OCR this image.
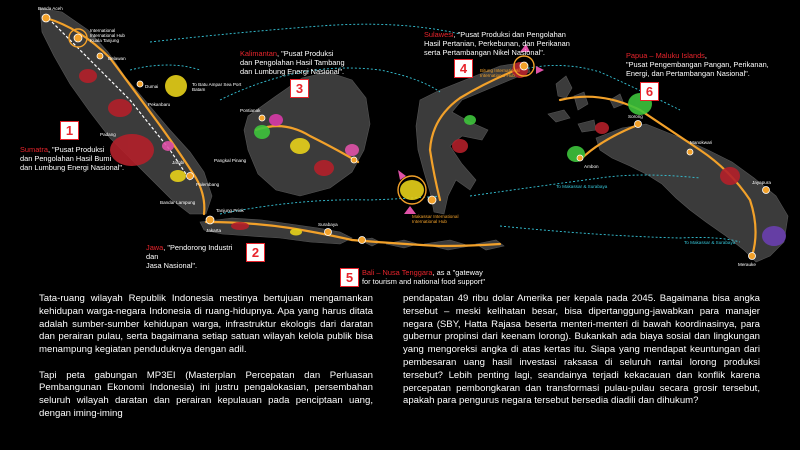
Banda Aceh
International
International Hub
Kuala Tanjung
Belawan
Dumai	To Batu Ampar Sea Port
Batam
Pekanbaru
Padang
Jambi	Pangkal Pinang
Palembang
Bandar Lampung
Tanjung Priok
Jakarta
Surabaya
Pontianak
Bitung International
International Hub
Makassar International
International Hub
Sorong
Manokwari
Jayapura
Merauke
Ambon
To Makassar & Surabaya
To Makassar & Surabaya
1
Sumatra, "Pusat Produksi
dan Pengolahan Hasil Bumi
dan Lumbung Energi Nasional".
2
Jawa, "Pendorong Industri dan
Jasa Nasional".
3
Kalimantan, "Pusat Produksi
dan Pengolahan Hasil Tambang
dan Lumbung Energi Nasional".	4
Sulawesi, "Pusat Produksi dan Pengolahan
Hasil Pertanian, Perkebunan, dan Perikanan
serta Pertambangan Nikel Nasional".
5	Bali – Nusa Tenggara, as a "gateway
for tourism and national food support"
6
Papua – Maluku Islands,
"Pusat Pengembangan Pangan, Perikanan,
Energi, dan Pertambangan Nasional".

Tata-ruang wilayah Republik Indonesia mestinya bertujuan mengamankan kehidupan warga-negara Indonesia di ruang-hidupnya. Apa yang harus ditata adalah sumber-sumber kehidupan warga, infrastruktur ekologis dari daratan dan perairan pulau, serta bagaimana setiap satuan wilayah kelola publik bisa menampung kegiatan penduduknya dengan adil.

Tapi peta gabungan MP3EI (Masterplan Percepatan dan Perluasan Pembangunan Ekonomi Indonesia) ini justru pengalokasian, persembahan seluruh wilayah daratan dan perairan kepulauan pada penciptaan uang, dengan iming-iming

pendapatan 49 ribu dolar Amerika per kepala pada 2045. Bagaimana bisa angka tersebut – meski kelihatan besar, bisa dipertanggung-jawabkan para manajer negara (SBY, Hatta Rajasa beserta menteri-menteri di bawah koordinasinya, para gubernur propinsi dari keenam lorong). Bukankah ada biaya sosial dan lingkungan yang mengoreksi angka di atas kertas itu. Siapa yang mendapat keuntungan dari pembesaran uang hasil investasi raksasa di seluruh rantai lorong produksi tersebut? Lebih penting lagi, seandainya terjadi kekacauan dan konflik karena percepatan pembongkaran dan transformasi pulau-pulau secara grosir tersebut, apakah para pengurus negara tersebut bersedia diadili dan dihukum?
